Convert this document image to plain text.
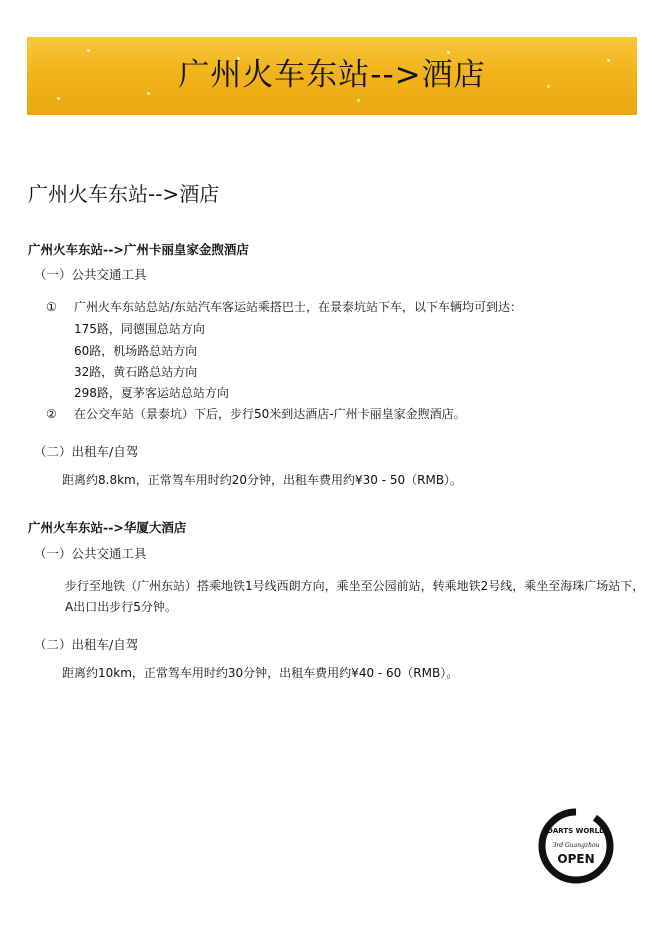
广州火车东站-->酒店
广州火车东站-->酒店
广州火车东站-->广州卡丽皇家金煦酒店
（一）公共交通工具
① 广州火车东站总站/东站汽车客运站乘搭巴士，在景泰坑站下车，以下车辆均可到达：
175路，同德围总站方向
60路，机场路总站方向
32路，黄石路总站方向
298路，夏茅客运站总站方向
② 在公交车站（景泰坑）下后，步行50米到达酒店-广州卡丽皇家金煦酒店。
（二）出租车/自驾
距离约8.8km，正常驾车用时约20分钟，出租车费用约¥30 - 50（RMB）。
广州火车东站-->华厦大酒店
（一）公共交通工具
步行至地铁（广州东站）搭乘地铁1号线西朗方向，乘坐至公园前站，转乘地铁2号线，乘坐至海珠广场站下，
A出口出步行5分钟。
（二）出租车/自驾
距离约10km，正常驾车用时约30分钟，出租车费用约¥40 - 60（RMB）。
DARTS WORLD
3rd Guangzhou
OPEN
